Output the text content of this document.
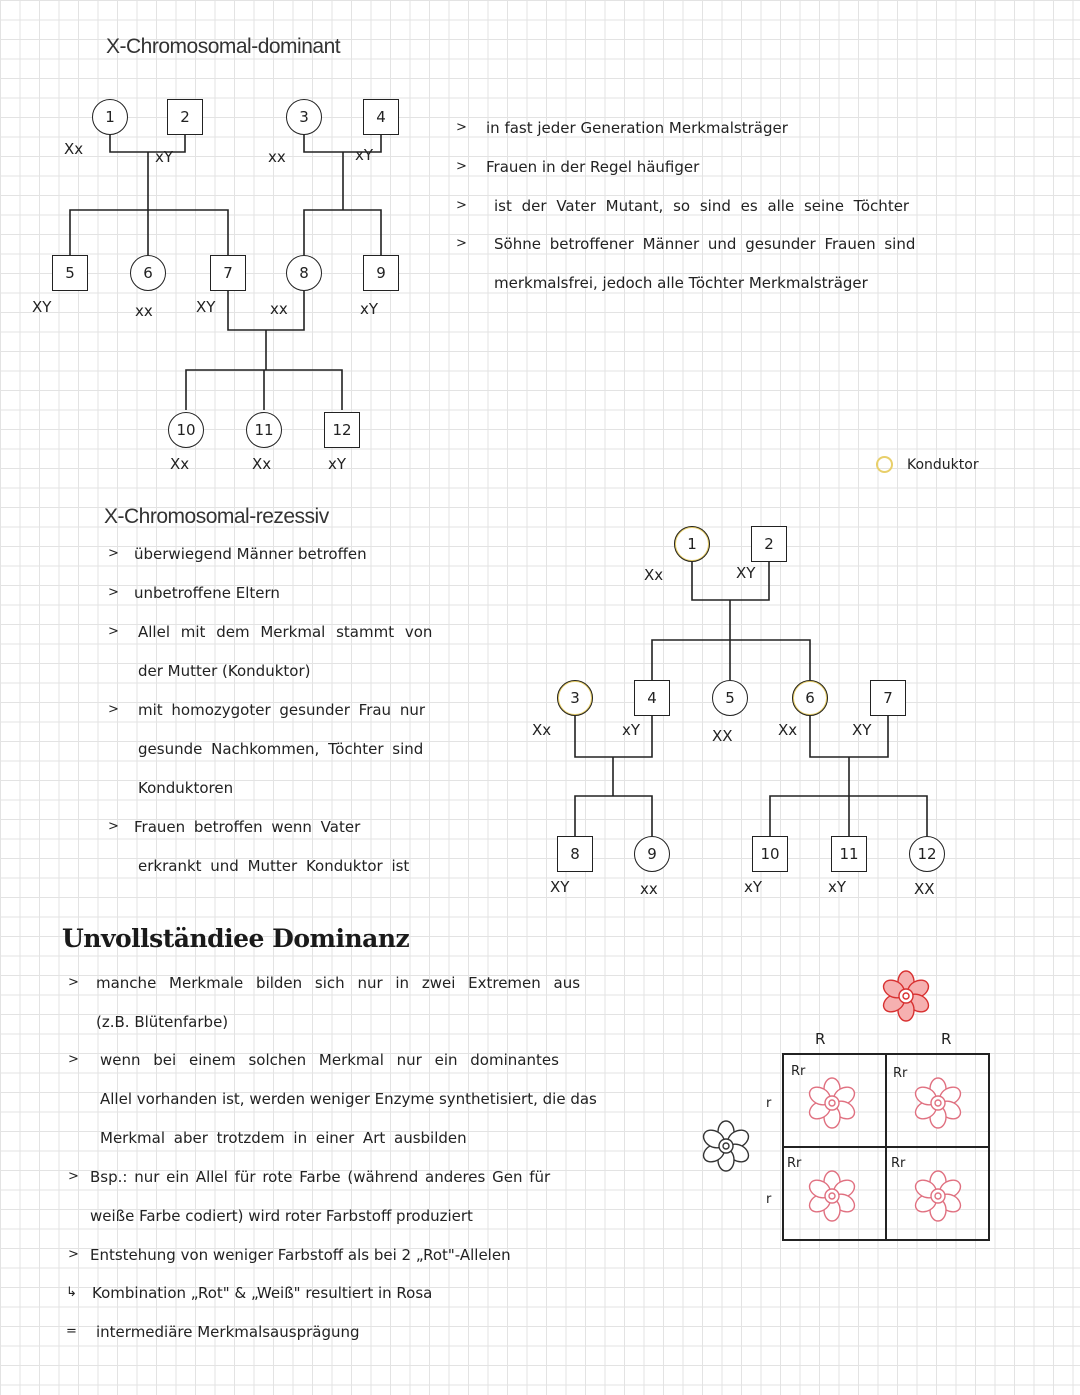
X-Chromosomal-dominant
1	2	3	4
Xx	xY	xx	xY
5	6	7	8	9
XY	xx	XY	xx	xY
10	11	12
Xx	Xx	xY
> in fast jeder Generation Merkmalsträger
> Frauen in der Regel häufiger
> ist der Vater Mutant, so sind es alle seine Töchter
> Söhne betroffener Männer und gesunder Frauen sind
merkmalsfrei, jedoch alle Töchter Merkmalsträger
Konduktor
X-Chromosomal-rezessiv
> überwiegend Männer betroffen
> unbetroffene Eltern
> Allel mit dem Merkmal stammt von
der Mutter (Konduktor)
> mit homozygoter gesunder Frau nur
gesunde Nachkommen, Töchter sind
Konduktoren
> Frauen betroffen wenn Vater
erkrankt und Mutter Konduktor ist
1	2
Xx	XY
3	4	5	6	7
Xx	xY	XX	Xx	XY
8	9	10	11	12
XY	xx	xY	xY	XX
Unvollständiee Dominanz
> manche Merkmale bilden sich nur in zwei Extremen aus
(z.B. Blütenfarbe)
> wenn bei einem solchen Merkmal nur ein dominantes
Allel vorhanden ist, werden weniger Enzyme synthetisiert, die das
Merkmal aber trotzdem in einer Art ausbilden
> Bsp.: nur ein Allel für rote Farbe (während anderes Gen für
weiße Farbe codiert) wird roter Farbstoff produziert
> Entstehung von weniger Farbstoff als bei 2 „Rot"-Allelen
↳ Kombination „Rot" & „Weiß" resultiert in Rosa
= intermediäre Merkmalsausprägung
R	R
r
r
Rr	Rr
Rr	Rr
